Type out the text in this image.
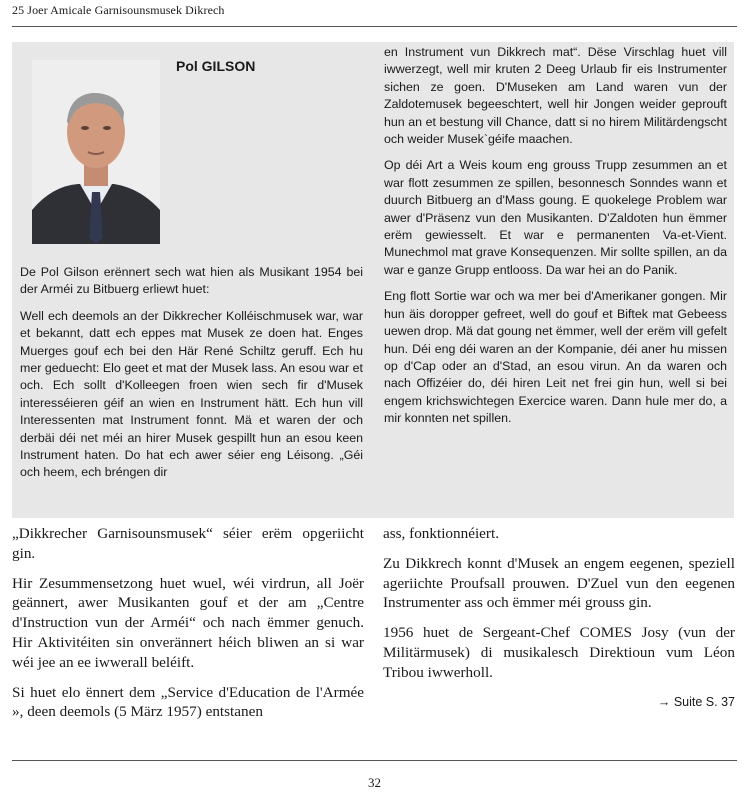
25 Joer Amicale Garnisounsmusek Dikrech
Pol GILSON

De Pol Gilson erënnert sech wat hien als Musikant 1954 bei der Arméi zu Bitbuerg erliewt huet:

Well ech deemols an der Dikkrecher Kolléischmusek war, war et bekannt, datt ech eppes mat Musek ze doen hat. Enges Muerges gouf ech bei den Här René Schiltz geruff. Ech hu mer geduecht: Elo geet et mat der Musek lass. An esou war et och. Ech sollt d'Kolleegen froen wien sech fir d'Musek interesséieren géif an wien en Instrument hätt. Ech hun vill Interessenten mat Instrument fonnt. Mä et waren der och derbäi déi net méi an hirer Musek gespillt hun an esou keen Instrument haten. Do hat ech awer séier eng Léisong. „Géi och heem, ech bréngen dir

en Instrument vun Dikkrech mat“. Dëse Virschlag huet vill iwwerzegt, well mir kruten 2 Deeg Urlaub fir eis Instrumenter sichen ze goen. D'Museken am Land waren vun der Zaldotemusek begeeschtert, well hir Jongen weider geprouft hun an et bestung vill Chance, datt si no hirem Militärdengscht och weider Musek`géife maachen.

Op déi Art a Weis koum eng grouss Trupp zesummen an et war flott zesummen ze spillen, besonnesch Sonndes wann et duurch Bitbuerg an d'Mass goung. E quokelege Problem war awer d'Präsenz vun den Musikanten. D'Zaldoten hun ëmmer erëm gewiesselt. Et war e permanenten Va-et-Vient. Munechmol mat grave Konsequenzen. Mir sollte spillen, an da war e ganze Grupp entlooss. Da war hei an do Panik.

Eng flott Sortie war och wa mer bei d'Amerikaner gongen. Mir hun äis doropper gefreet, well do gouf et Biftek mat Gebeess uewen drop. Mä dat goung net ëmmer, well der erëm vill gefelt hun. Déi eng déi waren an der Kompanie, déi aner hu missen op d'Cap oder an d'Stad, an esou virun. An da waren och nach Offizéier do, déi hiren Leit net frei gin hun, well si bei engem krichswichtegen Exercice waren. Dann hule mer do, a mir konnten net spillen.

„Dikkrecher Garnisounsmusek“ séier erëm opgeriicht gin.

Hir Zesummensetzong huet wuel, wéi virdrun, all Joër geännert, awer Musikanten gouf et der am „Centre d'Instruction vun der Arméi“ och nach ëmmer genuch. Hir Aktivitéiten sin onverännert héich bliwen an si war wéi jee an ee iwwerall beléift.

Si huet elo ënnert dem „Service d'Education de l'Armée », deen deemols (5 März 1957) entstanen

ass, fonktionnéiert.

Zu Dikkrech konnt d'Musek an engem eegenen, speziell ageriichte Proufsall prouwen. D'Zuel vun den eegenen Instrumenter ass och ëmmer méi grouss gin.

1956 huet de Sergeant-Chef COMES Josy (vun der Militärmusek) di musikalesch Direktioun vum Léon Tribou iwwerholl.

→ Suite S. 37
32
